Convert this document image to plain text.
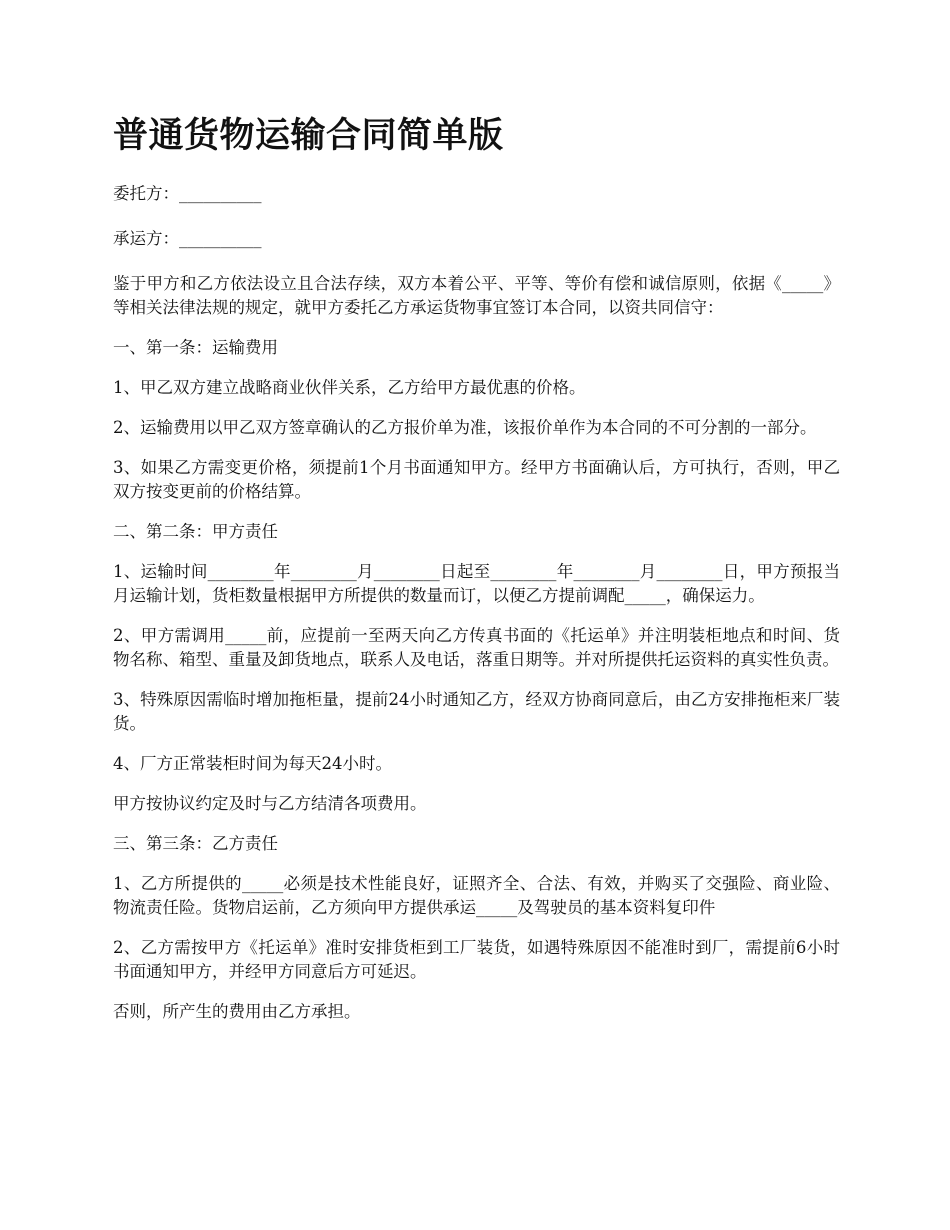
普通货物运输合同简单版

委托方：__________

承运方：__________

鉴于甲方和乙方依法设立且合法存续，双方本着公平、平等、等价有偿和诚信原则，依据《_____》等相关法律法规的规定，就甲方委托乙方承运货物事宜签订本合同，以资共同信守：

一、第一条：运输费用

1、甲乙双方建立战略商业伙伴关系，乙方给甲方最优惠的价格。

2、运输费用以甲乙双方签章确认的乙方报价单为准，该报价单作为本合同的不可分割的一部分。

3、如果乙方需变更价格，须提前1个月书面通知甲方。经甲方书面确认后，方可执行，否则，甲乙双方按变更前的价格结算。

二、第二条：甲方责任

1、运输时间________年________月________日起至________年________月________日，甲方预报当月运输计划，货柜数量根据甲方所提供的数量而订，以便乙方提前调配_____，确保运力。

2、甲方需调用_____前，应提前一至两天向乙方传真书面的《托运单》并注明装柜地点和时间、货物名称、箱型、重量及卸货地点，联系人及电话，落重日期等。并对所提供托运资料的真实性负责。

3、特殊原因需临时增加拖柜量，提前24小时通知乙方，经双方协商同意后，由乙方安排拖柜来厂装货。

4、厂方正常装柜时间为每天24小时。

甲方按协议约定及时与乙方结清各项费用。

三、第三条：乙方责任

1、乙方所提供的_____必须是技术性能良好，证照齐全、合法、有效，并购买了交强险、商业险、物流责任险。货物启运前，乙方须向甲方提供承运_____及驾驶员的基本资料复印件

2、乙方需按甲方《托运单》准时安排货柜到工厂装货，如遇特殊原因不能准时到厂，需提前6小时书面通知甲方，并经甲方同意后方可延迟。

否则，所产生的费用由乙方承担。
